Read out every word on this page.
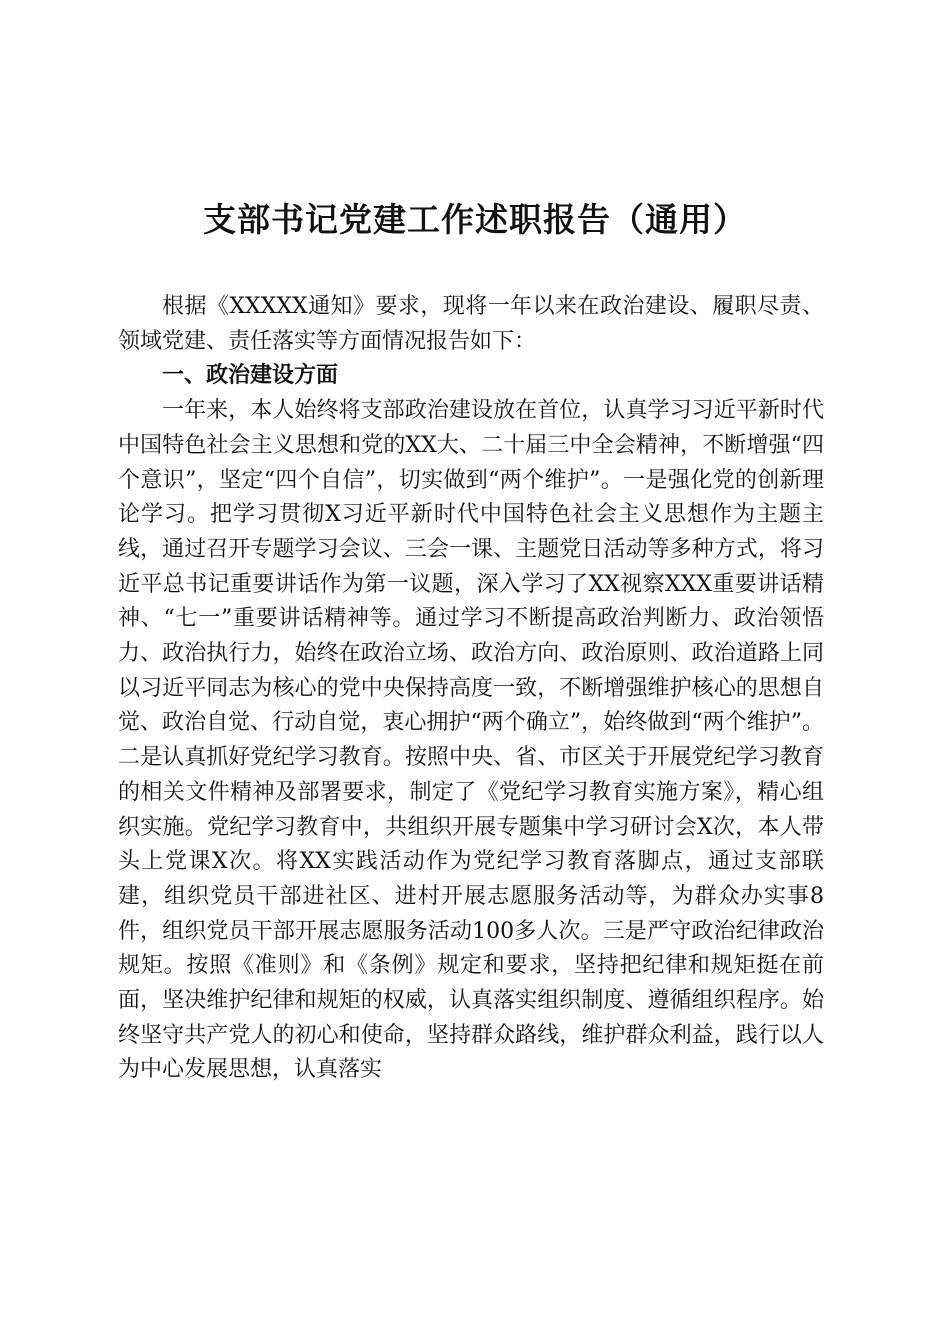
支部书记党建工作述职报告（通用）

根据《XXXXX通知》要求，现将一年以来在政治建设、履职尽责、领域党建、责任落实等方面情况报告如下：

一、政治建设方面

一年来，本人始终将支部政治建设放在首位，认真学习习近平新时代中国特色社会主义思想和党的XX大、二十届三中全会精神，不断增强“四个意识”，坚定“四个自信”，切实做到“两个维护”。一是强化党的创新理论学习。把学习贯彻X习近平新时代中国特色社会主义思想作为主题主线，通过召开专题学习会议、三会一课、主题党日活动等多种方式，将习近平总书记重要讲话作为第一议题，深入学习了XX视察XXX重要讲话精神、“七一”重要讲话精神等。通过学习不断提高政治判断力、政治领悟力、政治执行力，始终在政治立场、政治方向、政治原则、政治道路上同以习近平同志为核心的党中央保持高度一致，不断增强维护核心的思想自觉、政治自觉、行动自觉，衷心拥护“两个确立”，始终做到“两个维护”。二是认真抓好党纪学习教育。按照中央、省、市区关于开展党纪学习教育的相关文件精神及部署要求，制定了《党纪学习教育实施方案》，精心组织实施。党纪学习教育中，共组织开展专题集中学习研讨会X次，本人带头上党课X次。将XX实践活动作为党纪学习教育落脚点，通过支部联建，组织党员干部进社区、进村开展志愿服务活动等，为群众办实事8件，组织党员干部开展志愿服务活动100多人次。三是严守政治纪律政治规矩。按照《准则》和《条例》规定和要求，坚持把纪律和规矩挺在前面，坚决维护纪律和规矩的权威，认真落实组织制度、遵循组织程序。始终坚守共产党人的初心和使命，坚持群众路线，维护群众利益，践行以人为中心发展思想，认真落实
